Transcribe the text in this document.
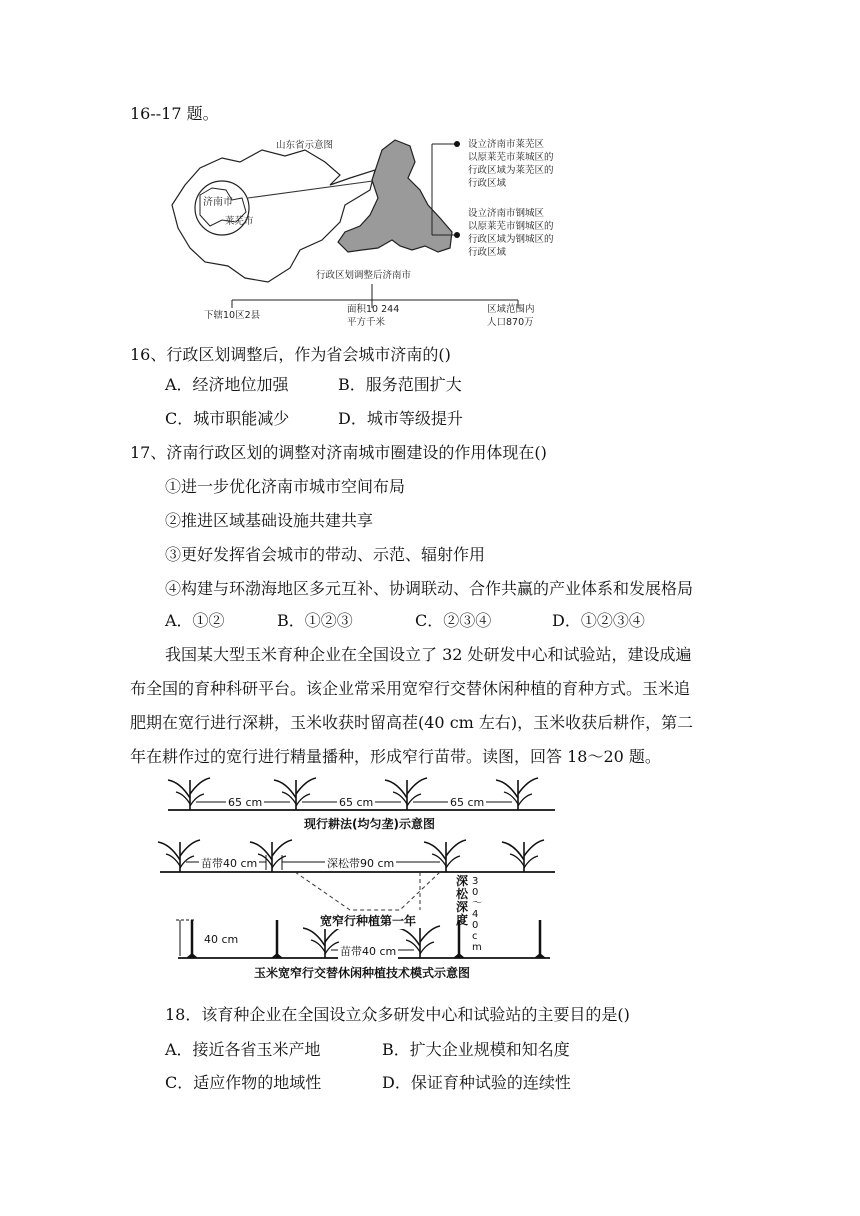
16--17 题。
山东省示意图
济南市
莱芜市
设立济南市莱芜区
以原莱芜市莱城区的
行政区域为莱芜区的
行政区域
设立济南市钢城区
以原莱芜市钢城区的
行政区域为钢城区的
行政区域
行政区划调整后济南市
下辖10区2县
面积10 244
平方千米
区域范围内
人口870万
16、行政区划调整后，作为省会城市济南的()
A．经济地位加强	B．服务范围扩大
C．城市职能减少	D．城市等级提升
17、济南行政区划的调整对济南城市圈建设的作用体现在()
①进一步优化济南市城市空间布局
②推进区域基础设施共建共享
③更好发挥省会城市的带动、示范、辐射作用
④构建与环渤海地区多元互补、协调联动、合作共赢的产业体系和发展格局
A．①②	B．①②③	C．②③④	D．①②③④
我国某大型玉米育种企业在全国设立了 32 处研发中心和试验站，建设成遍
布全国的育种科研平台。该企业常采用宽窄行交替休闲种植的育种方式。玉米追
肥期在宽行进行深耕，玉米收获时留高茬(40 cm 左右)，玉米收获后耕作，第二
年在耕作过的宽行进行精量播种，形成窄行苗带。读图，回答 18～20 题。
65 cm	65 cm	65 cm
现行耕法(均匀垄)示意图
苗带40 cm	深松带90 cm
深松深度
30～40 cm
宽窄行种植第一年
40 cm
苗带40 cm
玉米宽窄行交替休闲种植技术模式示意图
18．该育种企业在全国设立众多研发中心和试验站的主要目的是()
A．接近各省玉米产地	B．扩大企业规模和知名度
C．适应作物的地域性	D．保证育种试验的连续性
